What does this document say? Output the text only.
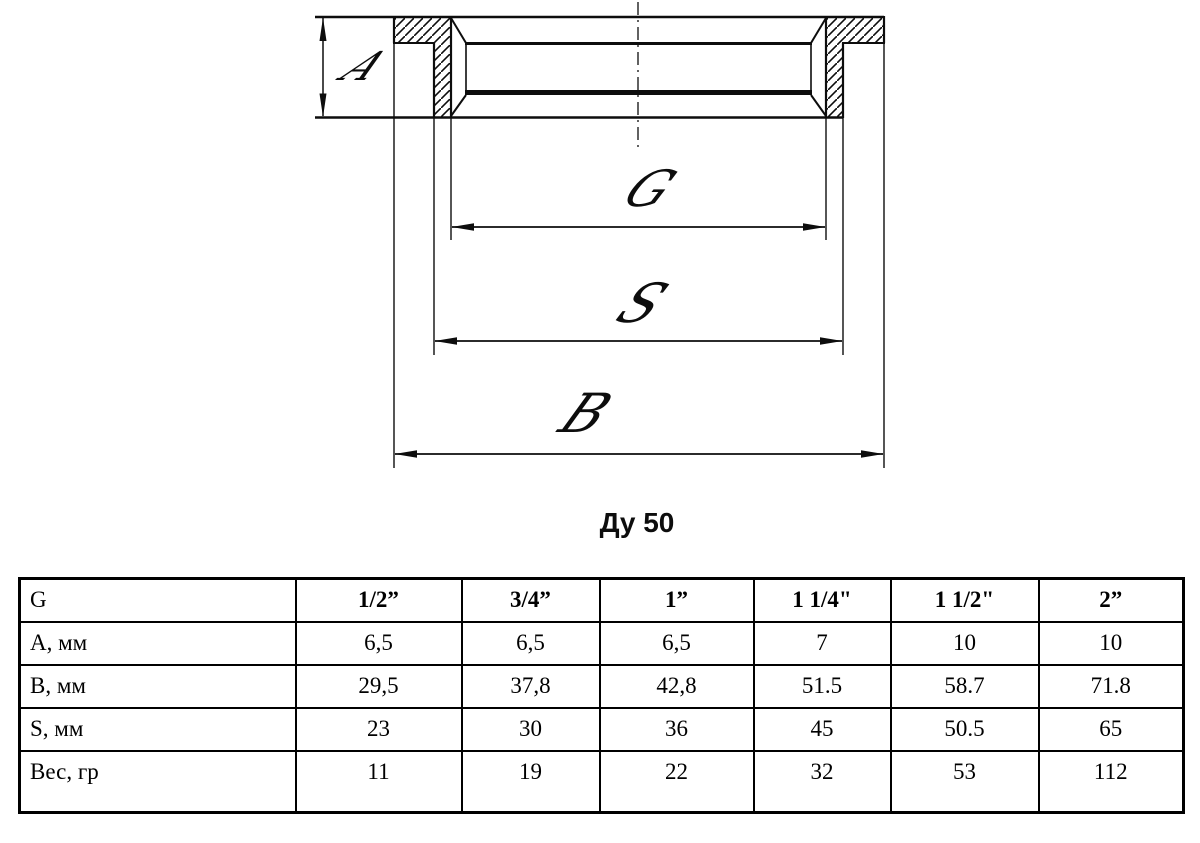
A
G
S
B
Ду 50
G	1/2”	3/4”	1”	1 1/4"	1 1/2"	2”
А, мм	6,5	6,5	6,5	7	10	10
В, мм	29,5	37,8	42,8	51.5	58.7	71.8
S, мм	23	30	36	45	50.5	65
Вес, гр	11	19	22	32	53	112
